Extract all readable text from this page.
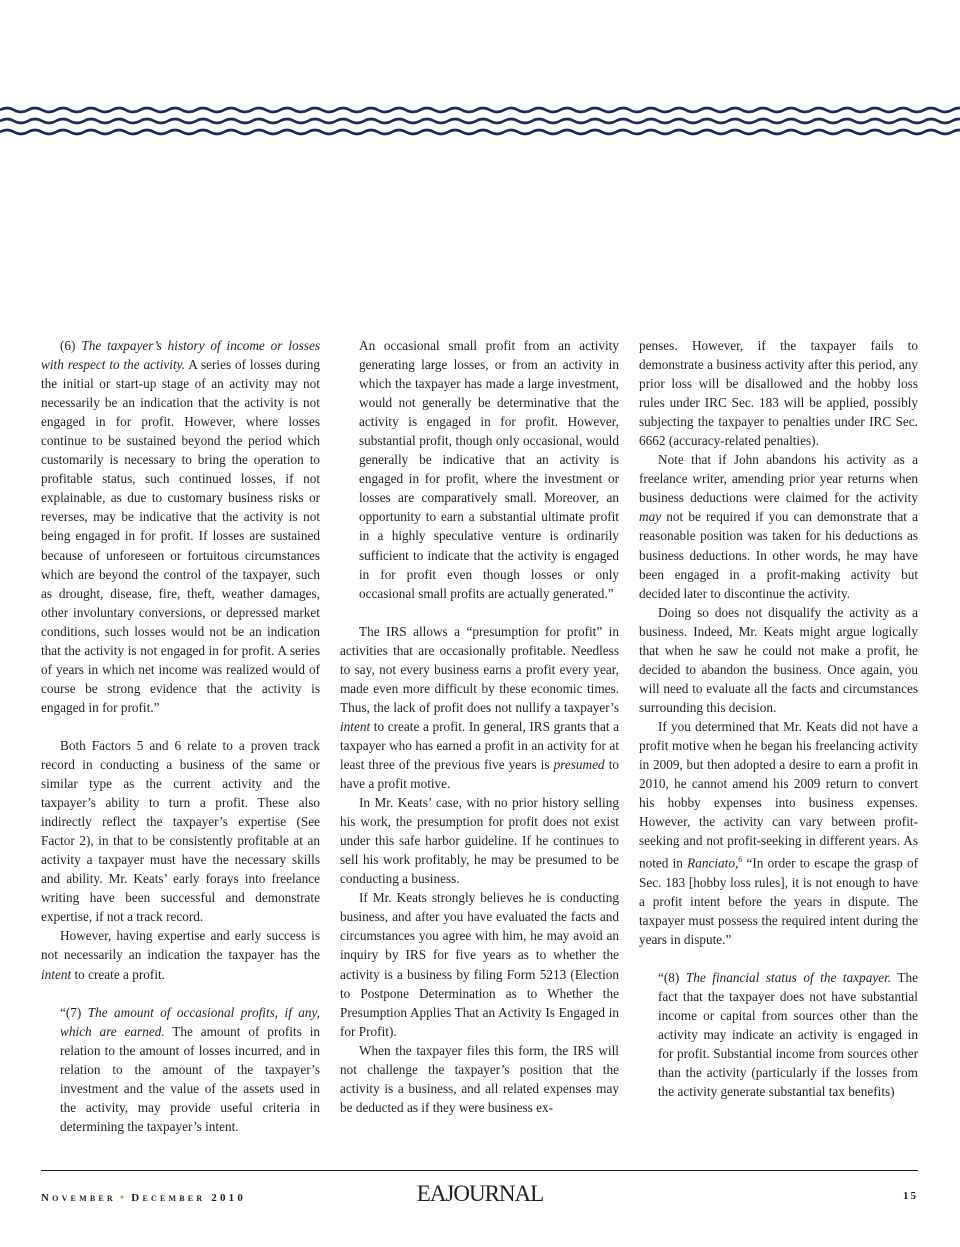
(6) The taxpayer’s history of income or losses with respect to the activity. A series of losses during the initial or start-up stage of an activity may not necessarily be an indication that the activity is not engaged in for profit. However, where losses continue to be sustained beyond the period which customarily is necessary to bring the operation to profitable status, such continued losses, if not explainable, as due to customary business risks or reverses, may be indicative that the activity is not being engaged in for profit. If losses are sustained because of unforeseen or fortuitous circumstances which are beyond the control of the taxpayer, such as drought, disease, fire, theft, weather damages, other involuntary conversions, or depressed market conditions, such losses would not be an indication that the activity is not engaged in for profit. A series of years in which net income was realized would of course be strong evidence that the activity is engaged in for profit.”

Both Factors 5 and 6 relate to a proven track record in conducting a business of the same or similar type as the current activity and the taxpayer’s ability to turn a profit. These also indirectly reflect the taxpayer’s expertise (See Factor 2), in that to be consistently profitable at an activity a taxpayer must have the necessary skills and ability. Mr. Keats’ early forays into freelance writing have been successful and demonstrate expertise, if not a track record.

However, having expertise and early success is not necessarily an indication the taxpayer has the intent to create a profit.

“(7) The amount of occasional profits, if any, which are earned. The amount of profits in relation to the amount of losses incurred, and in relation to the amount of the taxpayer’s investment and the value of the assets used in the activity, may provide useful criteria in determining the taxpayer’s intent.

An occasional small profit from an activity generating large losses, or from an activity in which the taxpayer has made a large investment, would not generally be determinative that the activity is engaged in for profit. However, substantial profit, though only occasional, would generally be indicative that an activity is engaged in for profit, where the investment or losses are comparatively small. Moreover, an opportunity to earn a substantial ultimate profit in a highly speculative venture is ordinarily sufficient to indicate that the activity is engaged in for profit even though losses or only occasional small profits are actually generated.”

The IRS allows a “presumption for profit” in activities that are occasionally profitable. Needless to say, not every business earns a profit every year, made even more difficult by these economic times. Thus, the lack of profit does not nullify a taxpayer’s intent to create a profit. In general, IRS grants that a taxpayer who has earned a profit in an activity for at least three of the previous five years is presumed to have a profit motive.

In Mr. Keats’ case, with no prior history selling his work, the presumption for profit does not exist under this safe harbor guideline. If he continues to sell his work profitably, he may be presumed to be conducting a business.

If Mr. Keats strongly believes he is conducting business, and after you have evaluated the facts and circumstances you agree with him, he may avoid an inquiry by IRS for five years as to whether the activity is a business by filing Form 5213 (Election to Postpone Determination as to Whether the Presumption Applies That an Activity Is Engaged in for Profit).

When the taxpayer files this form, the IRS will not challenge the taxpayer’s position that the activity is a business, and all related expenses may be deducted as if they were business ex-

penses. However, if the taxpayer fails to demonstrate a business activity after this period, any prior loss will be disallowed and the hobby loss rules under IRC Sec. 183 will be applied, possibly subjecting the taxpayer to penalties under IRC Sec. 6662 (accuracy-related penalties).

Note that if John abandons his activity as a freelance writer, amending prior year returns when business deductions were claimed for the activity may not be required if you can demonstrate that a reasonable position was taken for his deductions as business deductions. In other words, he may have been engaged in a profit-making activity but decided later to discontinue the activity.

Doing so does not disqualify the activity as a business. Indeed, Mr. Keats might argue logically that when he saw he could not make a profit, he decided to abandon the business. Once again, you will need to evaluate all the facts and circumstances surrounding this decision.

If you determined that Mr. Keats did not have a profit motive when he began his freelancing activity in 2009, but then adopted a desire to earn a profit in 2010, he cannot amend his 2009 return to convert his hobby expenses into business expenses. However, the activity can vary between profit-seeking and not profit-seeking in different years. As noted in Ranciato,$^6$ “In order to escape the grasp of Sec. 183 [hobby loss rules], it is not enough to have a profit intent before the years in dispute. The taxpayer must possess the required intent during the years in dispute.”

“(8) The financial status of the taxpayer. The fact that the taxpayer does not have substantial income or capital from sources other than the activity may indicate an activity is engaged in for profit. Substantial income from sources other than the activity (particularly if the losses from the activity generate substantial tax benefits)

November • December 2010	EAJOURNAL	15
